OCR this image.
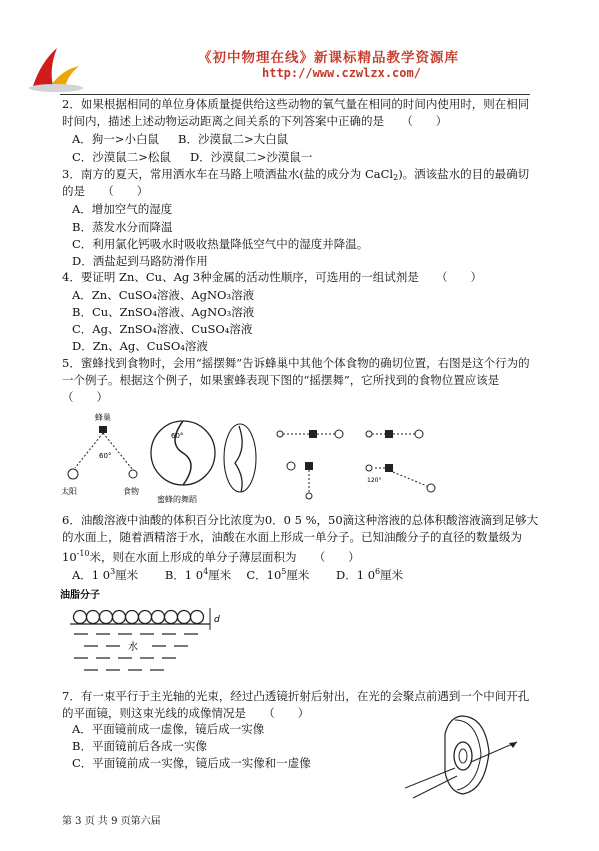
《初中物理在线》新课标精品教学资源库
http://www.czwlzx.com/
2．如果根据相同的单位身体质量提供给这些动物的氧气量在相同的时间内使用时，则在相同
时间内，描述上述动物运动距离之间关系的下列答案中正确的是　　（　　）
A．狗一>小白鼠 B．沙漠鼠二>大白鼠
C．沙漠鼠二>松鼠 D．沙漠鼠二>沙漠鼠一
3．南方的夏天，常用洒水车在马路上喷洒盐水(盐的成分为 CaCl$_2$)。洒该盐水的目的最确切
的是　　（　　）
A．增加空气的湿度
B．蒸发水分而降温
C．利用氯化钙吸水时吸收热量降低空气中的湿度并降温。
D．洒盐起到马路防滑作用
4．要证明 Zn、Cu、Ag 3种金属的活动性顺序，可选用的一组试剂是　　（　　）
A．Zn、CuSO₄溶液、AgNO₃溶液
B．Cu、ZnSO₄溶液、AgNO₃溶液
C．Ag、ZnSO₄溶液、CuSO₄溶液
D．Zn、Ag、CuSO₄溶液
5．蜜蜂找到食物时，会用“摇摆舞”告诉蜂巢中其他个体食物的确切位置，右图是这个行为的
一个例子。根据这个例子，如果蜜蜂表现下图的“摇摆舞”，它所找到的食物位置应该是
（　　）
蜂巢
60°
太阳	食物
60°
蜜蜂的舞蹈
120°
6．油酸溶液中油酸的体积百分比浓度为0．0 5 %，50滴这种溶液的总体积酸溶液滴到足够大
的水面上，随着酒精溶于水，油酸在水面上形成一单分子。已知油酸分子的直径的数量级为
$10^{-10}$米，则在水面上形成的单分子薄层面积为　　（　　）
A．1 $0^3$厘米　　 B．1 $0^4$厘米　 C．$10^5$厘米　　 D．1 $0^6$厘米
油脂分子
d
水
7．有一束平行于主光轴的光束，经过凸透镜折射后射出，在光的会聚点前遇到一个中间开孔
的平面镜，则这束光线的成像情况是　　（　　）
A．平面镜前成一虚像，镜后成一实像
B．平面镜前后各成一实像
C．平面镜前成一实像，镜后成一实像和一虚像
第 3 页 共 9 页第六届
